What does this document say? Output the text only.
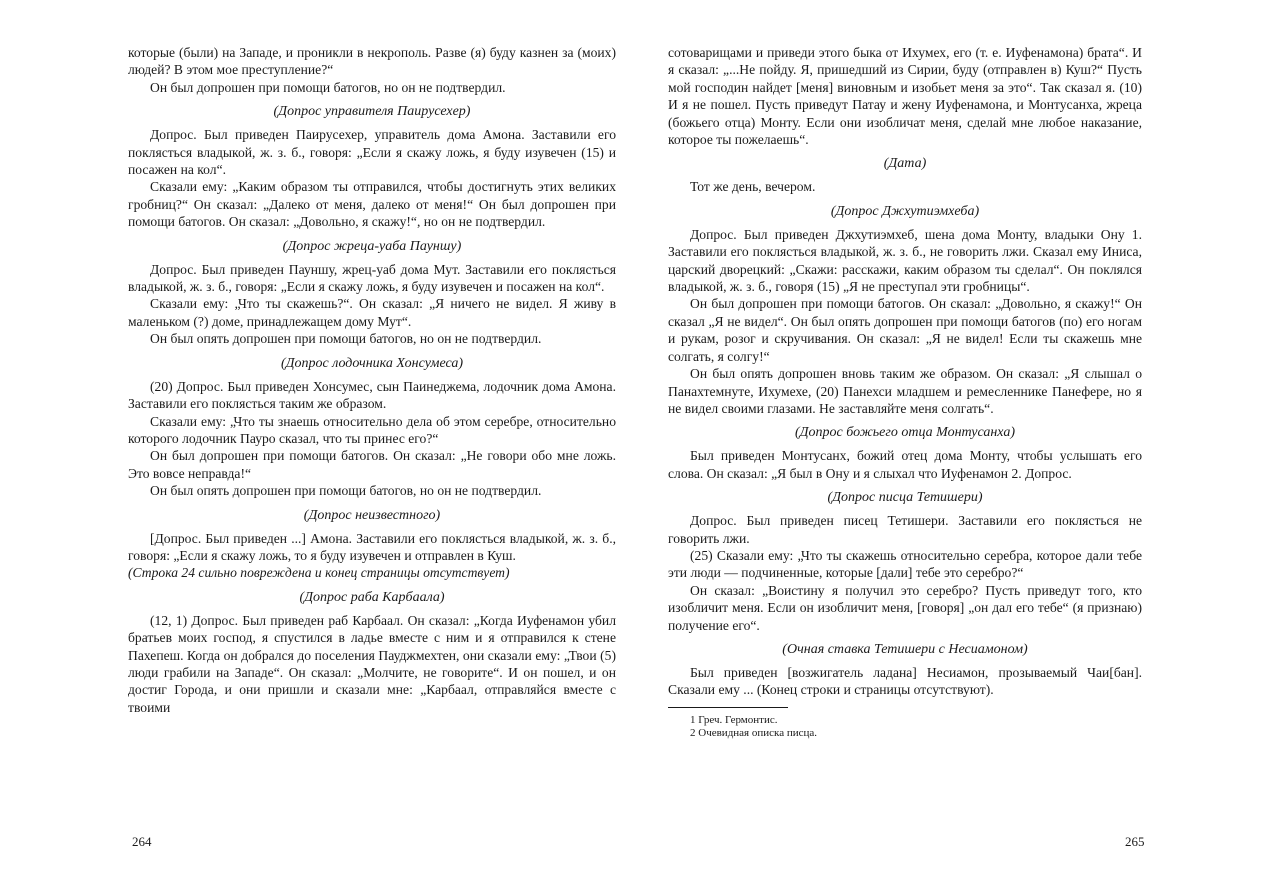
которые (были) на Западе, и проникли в некрополь. Разве (я) буду казнен за (моих) людей? В этом мое преступление?“

Он был допрошен при помощи батогов, но он не подтвердил.

(Допрос управителя Паирусехер)

Допрос. Был приведен Паирусехер, управитель дома Амона. Заставили его поклясться владыкой, ж. з. б., говоря: „Если я скажу ложь, я буду изувечен (15) и посажен на кол“.

Сказали ему: „Каким образом ты отправился, чтобы достигнуть этих великих гробниц?“ Он сказал: „Далеко от меня, далеко от меня!“ Он был допрошен при помощи батогов. Он сказал: „Довольно, я скажу!“, но он не подтвердил.

(Допрос жреца-уаба Пауншу)

Допрос. Был приведен Пауншу, жрец-уаб дома Мут. Заставили его поклясться владыкой, ж. з. б., говоря: „Если я скажу ложь, я буду изувечен и посажен на кол“.

Сказали ему: „Что ты скажешь?“. Он сказал: „Я ничего не видел. Я живу в маленьком (?) доме, принадлежащем дому Мут“.

Он был опять допрошен при помощи батогов, но он не подтвердил.

(Допрос лодочника Хонсумеса)

(20) Допрос. Был приведен Хонсумес, сын Паинеджема, лодочник дома Амона. Заставили его поклясться таким же образом.

Сказали ему: „Что ты знаешь относительно дела об этом серебре, относительно которого лодочник Пауро сказал, что ты принес его?“

Он был допрошен при помощи батогов. Он сказал: „Не говори обо мне ложь. Это вовсе неправда!“

Он был опять допрошен при помощи батогов, но он не подтвердил.

(Допрос неизвестного)

[Допрос. Был приведен ...] Амона. Заставили его поклясться владыкой, ж. з. б., говоря: „Если я скажу ложь, то я буду изувечен и отправлен в Куш.

(Строка 24 сильно повреждена и конец страницы отсутствует)

(Допрос раба Карбаала)

(12, 1) Допрос. Был приведен раб Карбаал. Он сказал: „Когда Иуфенамон убил братьев моих господ, я спустился в ладье вместе с ним и я отправился к стене Пахепеш. Когда он добрался до поселения Пауджмехтен, они сказали ему: „Твои (5) люди грабили на Западе“. Он сказал: „Молчите, не говорите“. И он пошел, и он достиг Города, и они пришли и сказали мне: „Карбаал, отправляйся вместе с твоими

264

сотоварищами и приведи этого быка от Ихумех, его (т. е. Иуфенамона) брата“. И я сказал: „...Не пойду. Я, пришедший из Сирии, буду (отправлен в) Куш?“ Пусть мой господин найдет [меня] виновным и изобьет меня за это“. Так сказал я. (10) И я не пошел. Пусть приведут Патау и жену Иуфенамона, и Монтусанха, жреца (божьего отца) Монту. Если они изобличат меня, сделай мне любое наказание, которое ты пожелаешь“.

(Дата)

Тот же день, вечером.

(Допрос Джхутиэмхеба)

Допрос. Был приведен Джхутиэмхеб, шена дома Монту, владыки Ону 1. Заставили его поклясться владыкой, ж. з. б., не говорить лжи. Сказал ему Иниса, царский дворецкий: „Скажи: расскажи, каким образом ты сделал“. Он поклялся владыкой, ж. з. б., говоря (15) „Я не преступал эти гробницы“.

Он был допрошен при помощи батогов. Он сказал: „Довольно, я скажу!“ Он сказал „Я не видел“. Он был опять допрошен при помощи батогов (по) его ногам и рукам, розог и скручивания. Он сказал: „Я не видел! Если ты скажешь мне солгать, я солгу!“

Он был опять допрошен вновь таким же образом. Он сказал: „Я слышал о Панахтемнуте, Ихумехе, (20) Панехси младшем и ремесленнике Панефере, но я не видел своими глазами. Не заставляйте меня солгать“.

(Допрос божьего отца Монтусанха)

Был приведен Монтусанх, божий отец дома Монту, чтобы услышать его слова. Он сказал: „Я был в Ону и я слыхал что Иуфенамон 2. Допрос.

(Допрос писца Тетишери)

Допрос. Был приведен писец Тетишери. Заставили его поклясться не говорить лжи.

(25) Сказали ему: „Что ты скажешь относительно серебра, которое дали тебе эти люди — подчиненные, которые [дали] тебе это серебро?“

Он сказал: „Воистину я получил это серебро? Пусть приведут того, кто изобличит меня. Если он изобличит меня, [говоря] „он дал его тебе“ (я признаю) получение его“.

(Очная ставка Тетишери с Несиамоном)

Был приведен [возжигатель ладана] Несиамон, прозываемый Чаи[бан]. Сказали ему ... (Конец строки и страницы отсутствуют).

1 Греч. Гермонтис.

2 Очевидная описка писца.

265
